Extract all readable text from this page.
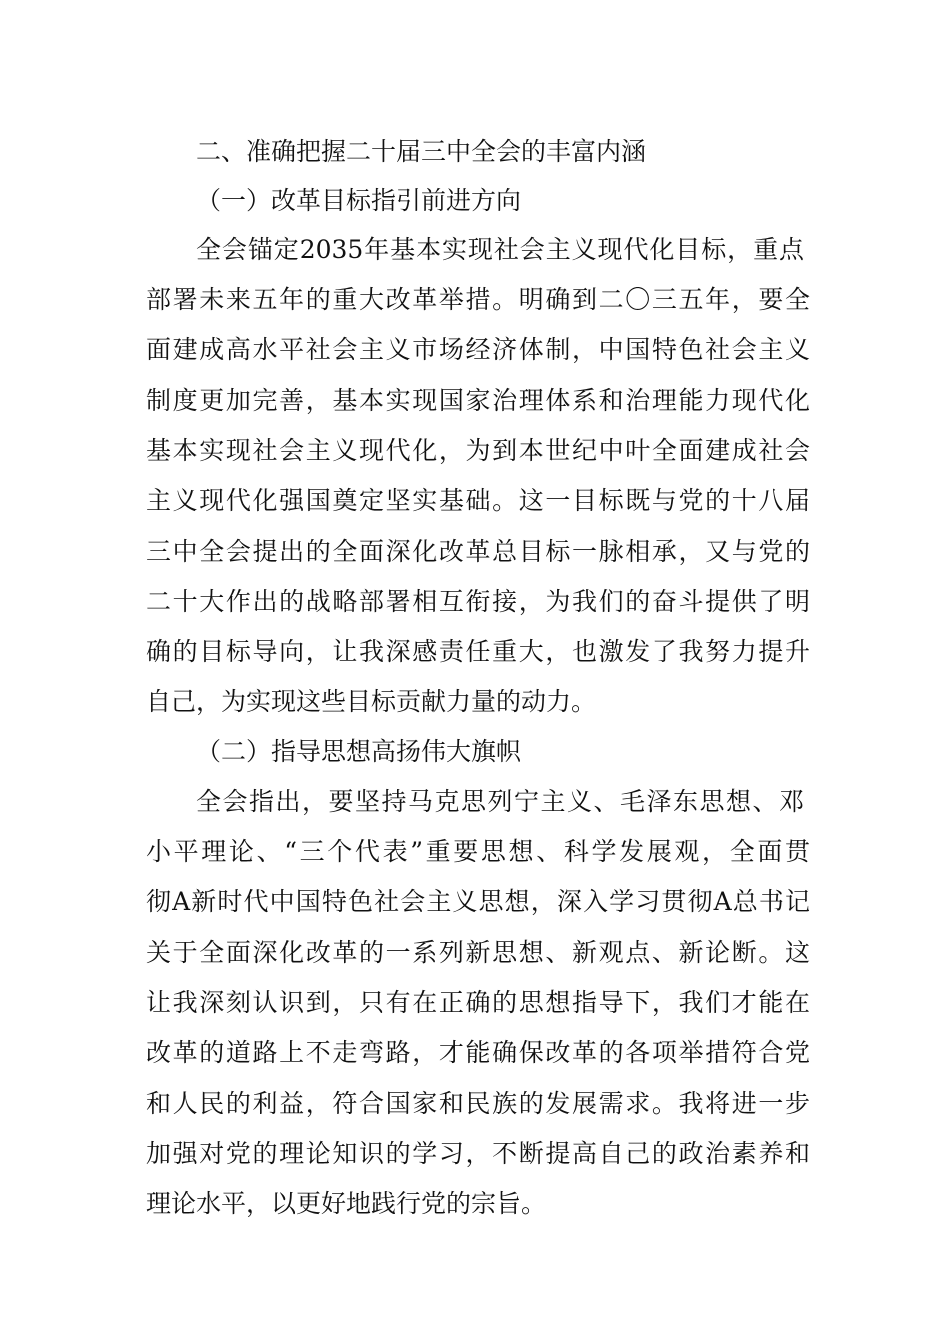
二、准确把握二十届三中全会的丰富内涵
（一）改革目标指引前进方向
全会锚定2035年基本实现社会主义现代化目标，重点
部署未来五年的重大改革举措。明确到二〇三五年，要全
面建成高水平社会主义市场经济体制，中国特色社会主义
制度更加完善，基本实现国家治理体系和治理能力现代化
基本实现社会主义现代化，为到本世纪中叶全面建成社会
主义现代化强国奠定坚实基础。这一目标既与党的十八届
三中全会提出的全面深化改革总目标一脉相承，又与党的
二十大作出的战略部署相互衔接，为我们的奋斗提供了明
确的目标导向，让我深感责任重大，也激发了我努力提升
自己，为实现这些目标贡献力量的动力。
（二）指导思想高扬伟大旗帜
全会指出，要坚持马克思列宁主义、毛泽东思想、邓
小平理论、“三个代表”重要思想、科学发展观，全面贯
彻A新时代中国特色社会主义思想，深入学习贯彻A总书记
关于全面深化改革的一系列新思想、新观点、新论断。这
让我深刻认识到，只有在正确的思想指导下，我们才能在
改革的道路上不走弯路，才能确保改革的各项举措符合党
和人民的利益，符合国家和民族的发展需求。我将进一步
加强对党的理论知识的学习，不断提高自己的政治素养和
理论水平，以更好地践行党的宗旨。
